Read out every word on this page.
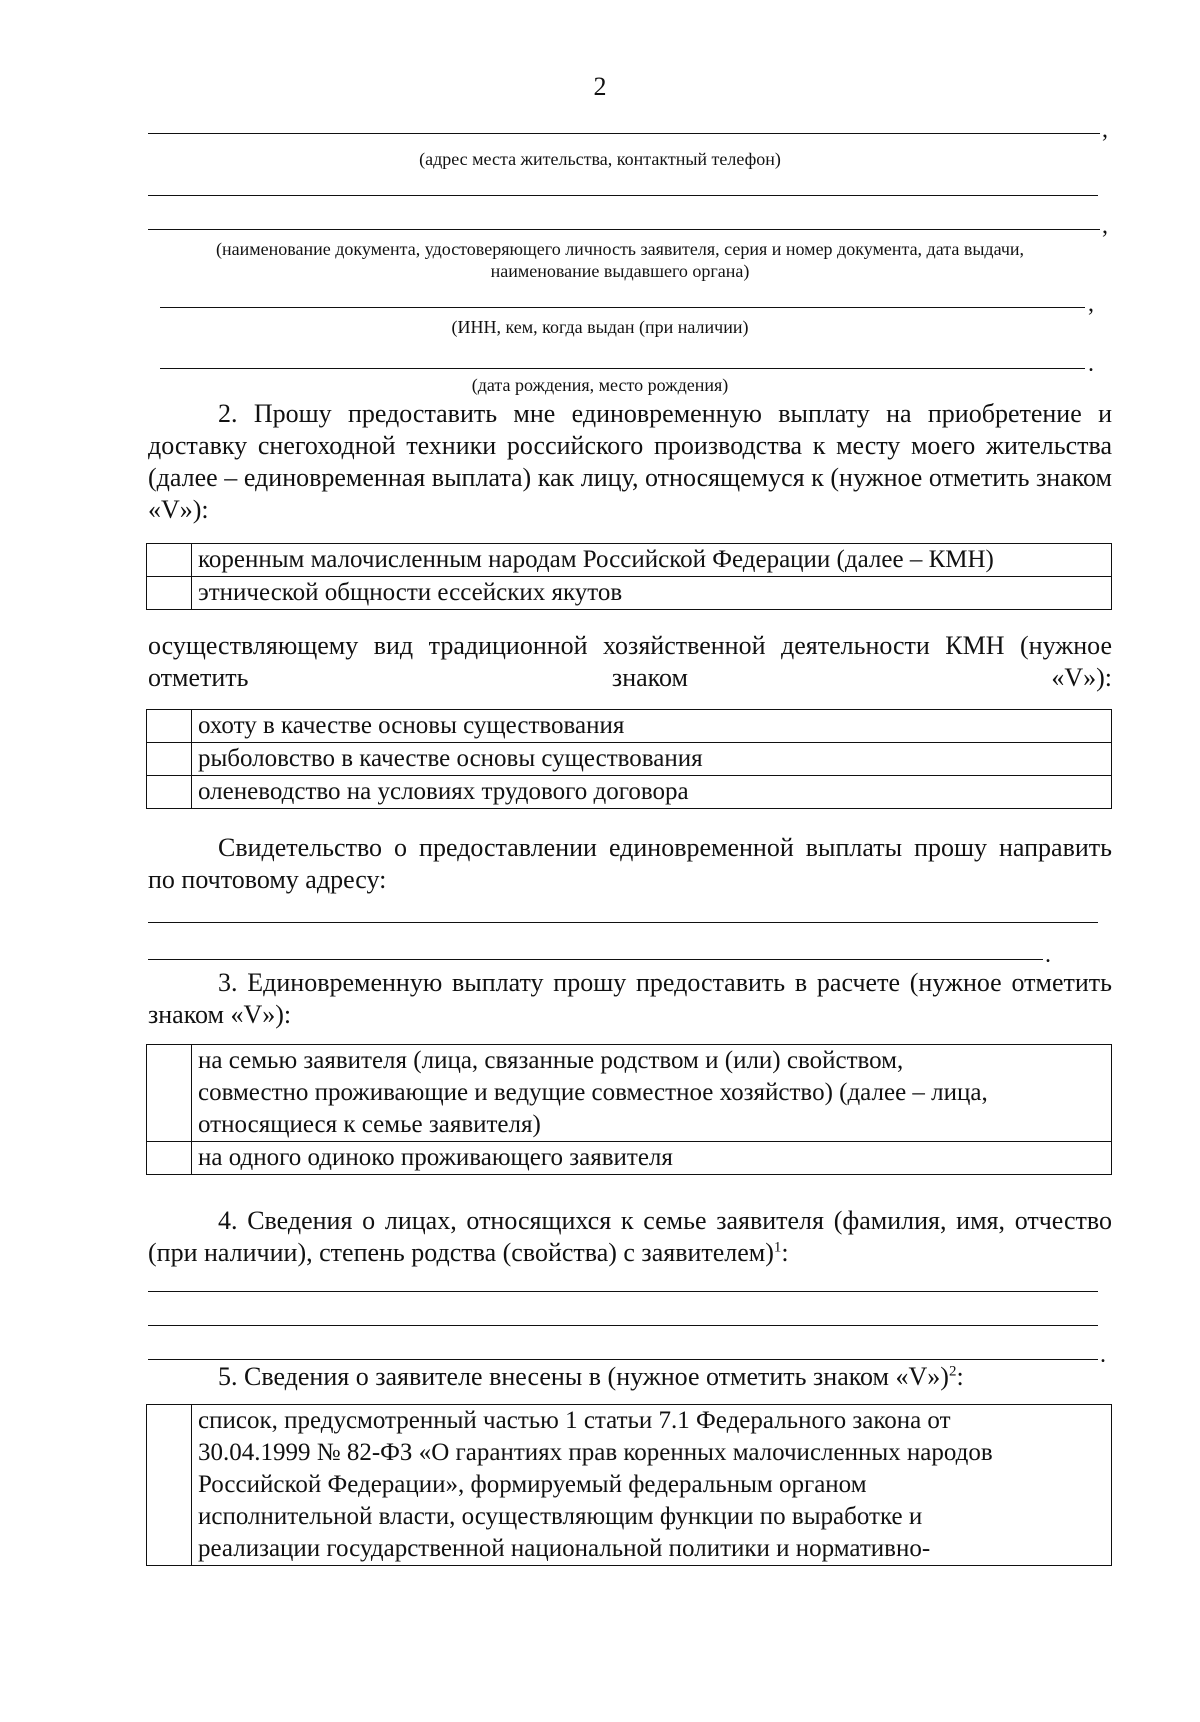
2
,
(адрес места жительства, контактный телефон)
,
(наименование документа, удостоверяющего личность заявителя, серия и номер документа, дата выдачи, наименование выдавшего органа)
,
(ИНН, кем, когда выдан (при наличии)
.
(дата рождения, место рождения)
2. Прошу предоставить мне единовременную выплату на приобретение и доставку снегоходной техники российского производства к месту моего жительства (далее – единовременная выплата) как лицу, относящемуся к (нужное отметить знаком «V»):
	коренным малочисленным народам Российской Федерации (далее – КМН)
	этнической общности ессейских якутов
осуществляющему вид традиционной хозяйственной деятельности КМН (нужное отметить знаком «V»):
	охоту в качестве основы существования
	рыболовство в качестве основы существования
	оленеводство на условиях трудового договора
Свидетельство о предоставлении единовременной выплаты прошу направить по почтовому адресу:
.
3. Единовременную выплату прошу предоставить в расчете (нужное отметить знаком «V»):
	на семью заявителя (лица, связанные родством и (или) свойством, совместно проживающие и ведущие совместное хозяйство) (далее – лица, относящиеся к семье заявителя)
	на одного одиноко проживающего заявителя
4. Сведения о лицах, относящихся к семье заявителя (фамилия, имя, отчество (при наличии), степень родства (свойства) с заявителем)$^1$:
.
5. Сведения о заявителе внесены в (нужное отметить знаком «V»)$^2$:
	список, предусмотренный частью 1 статьи 7.1 Федерального закона от 30.04.1999 № 82-ФЗ «О гарантиях прав коренных малочисленных народов Российской Федерации», формируемый федеральным органом исполнительной власти, осуществляющим функции по выработке и реализации государственной национальной политики и нормативно-
